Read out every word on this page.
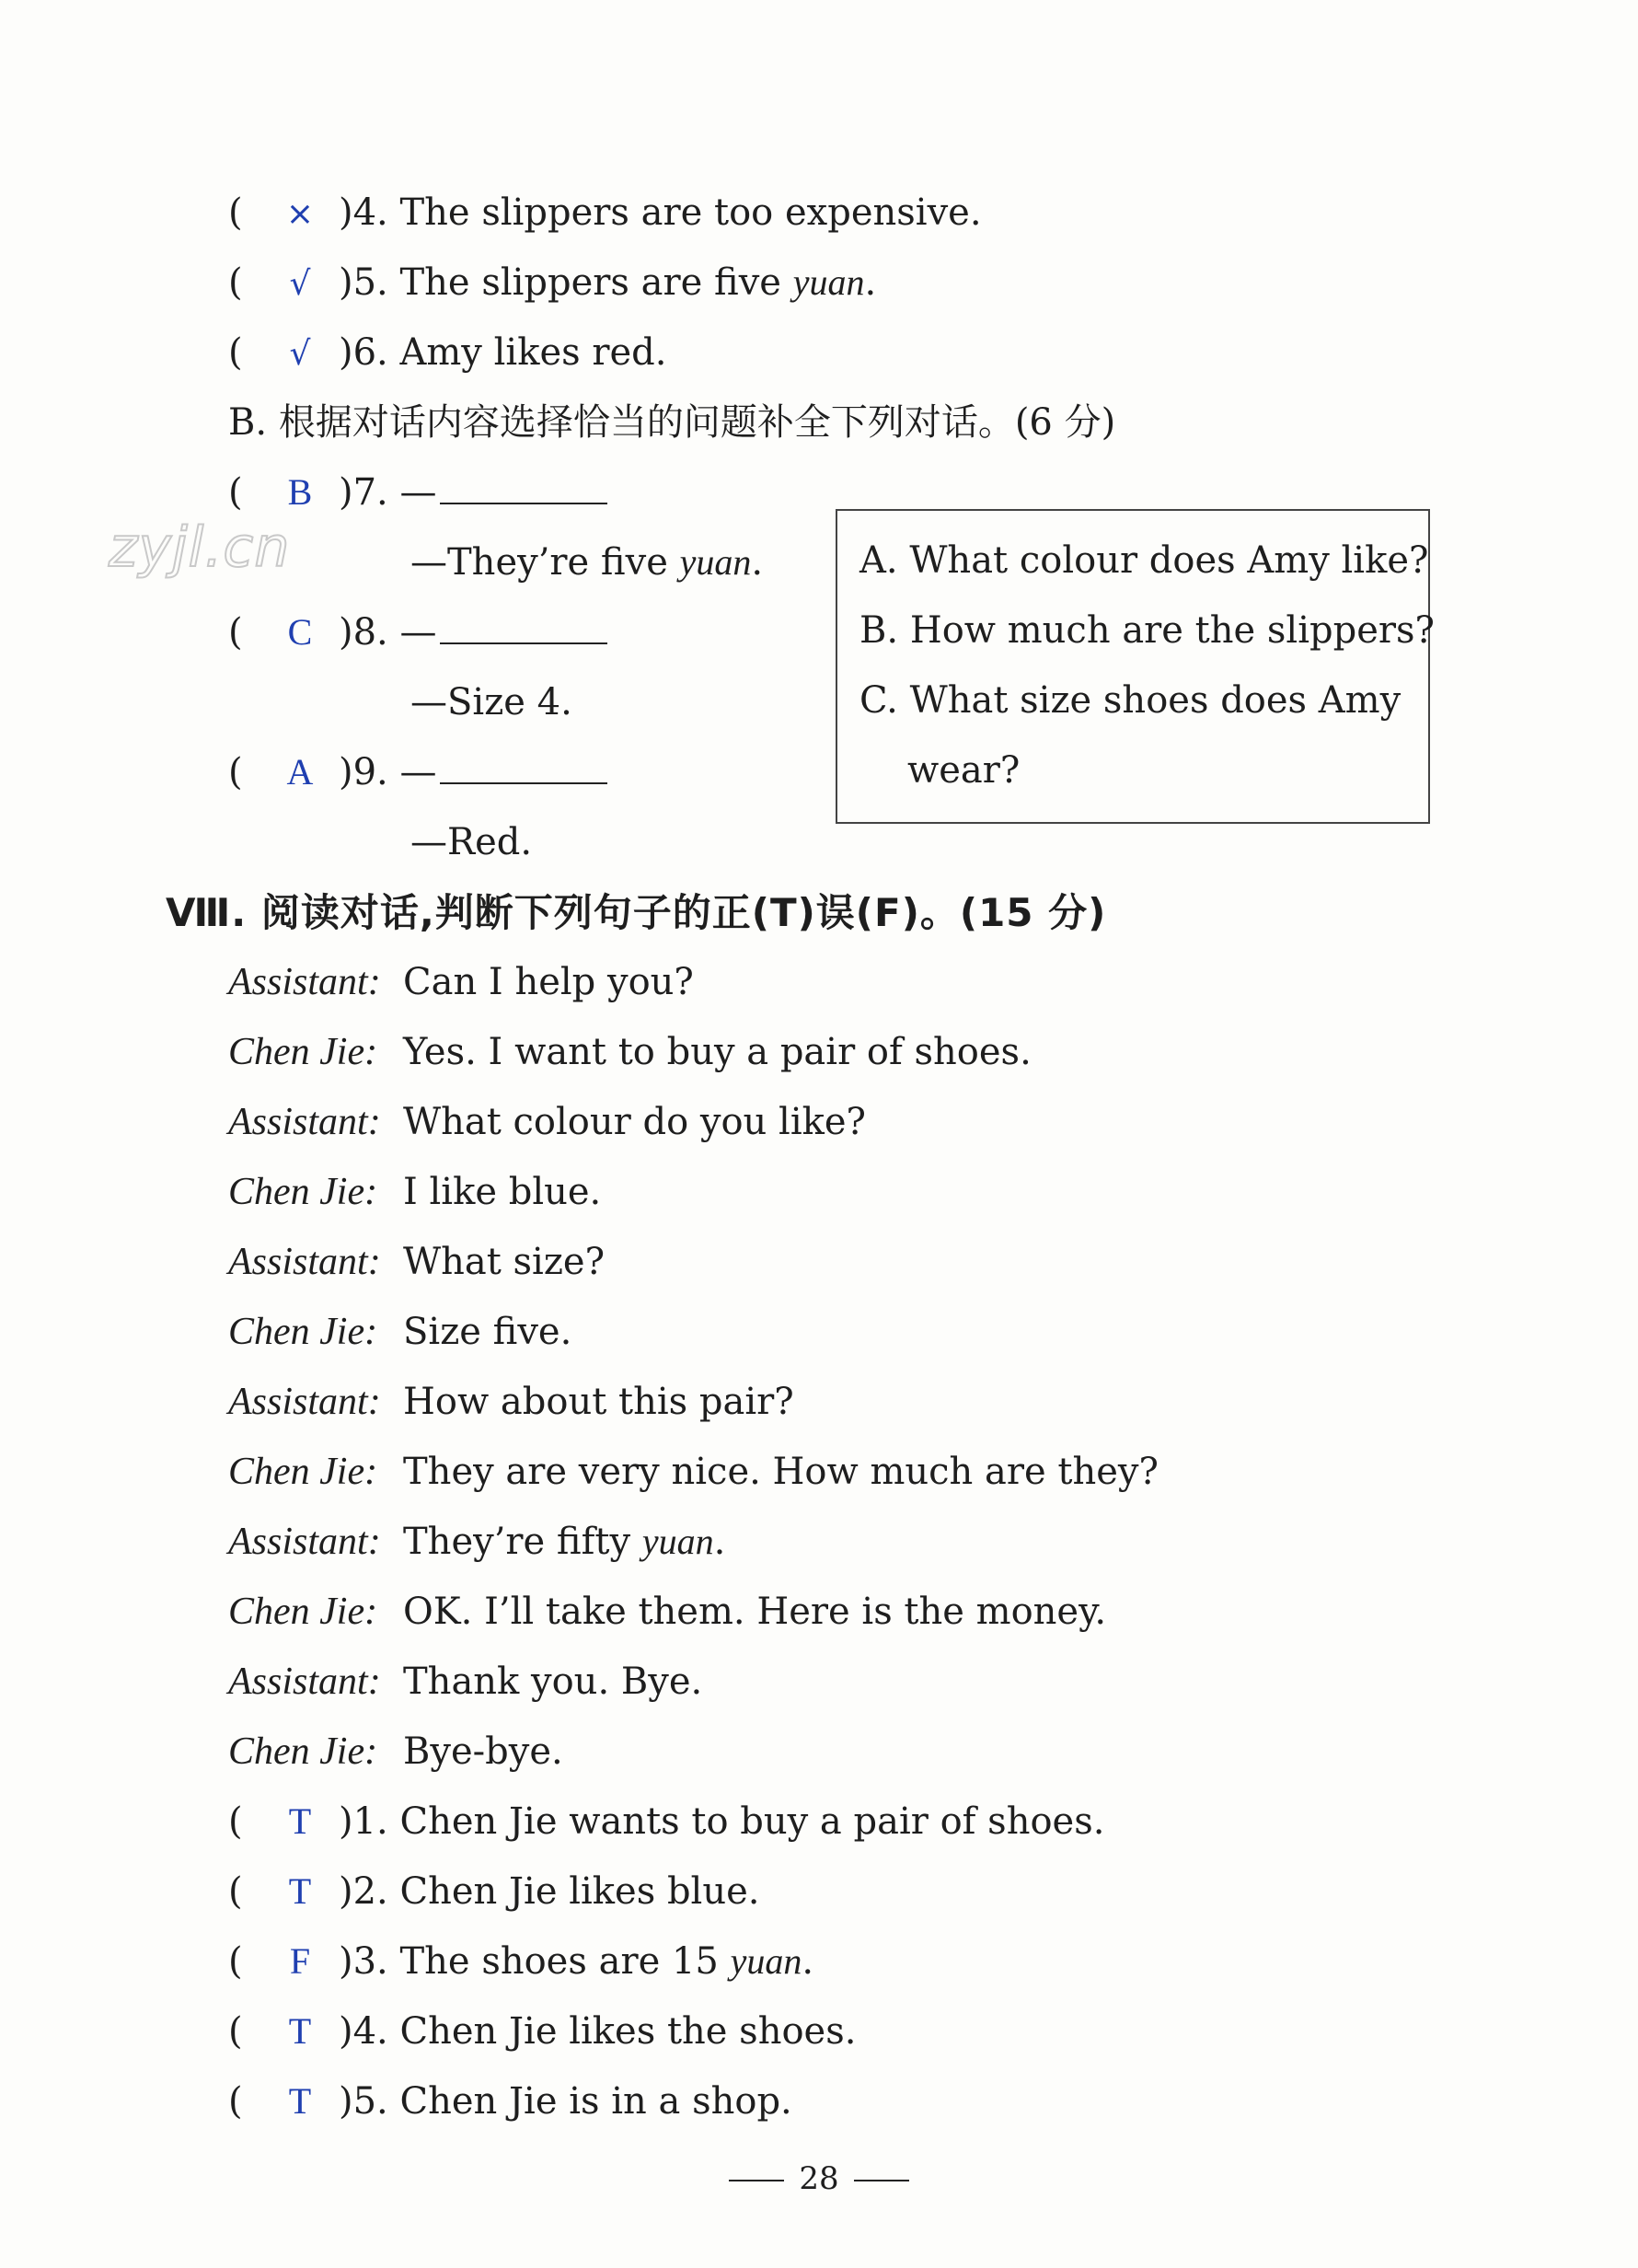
( × )4. The slippers are too expensive.
( √ )5. The slippers are five yuan.
( √ )6. Amy likes red.
B. 根据对话内容选择恰当的问题补全下列对话。(6 分)
( B )7. —
—They’re five yuan.
( C )8. —
—Size 4.
( A )9. —
—Red.
A. What colour does Amy like?
B. How much are the slippers?
C. What size shoes does Amy
wear?
zyjl.cn
Ⅷ. 阅读对话,判断下列句子的正(T)误(F)。(15 分)
Assistant: Can I help you?
Chen Jie: Yes. I want to buy a pair of shoes.
Assistant: What colour do you like?
Chen Jie: I like blue.
Assistant: What size?
Chen Jie: Size five.
Assistant: How about this pair?
Chen Jie: They are very nice. How much are they?
Assistant: They’re fifty yuan.
Chen Jie: OK. I’ll take them. Here is the money.
Assistant: Thank you. Bye.
Chen Jie: Bye-bye.
( T )1. Chen Jie wants to buy a pair of shoes.
( T )2. Chen Jie likes blue.
( F )3. The shoes are 15 yuan.
( T )4. Chen Jie likes the shoes.
( T )5. Chen Jie is in a shop.
28
